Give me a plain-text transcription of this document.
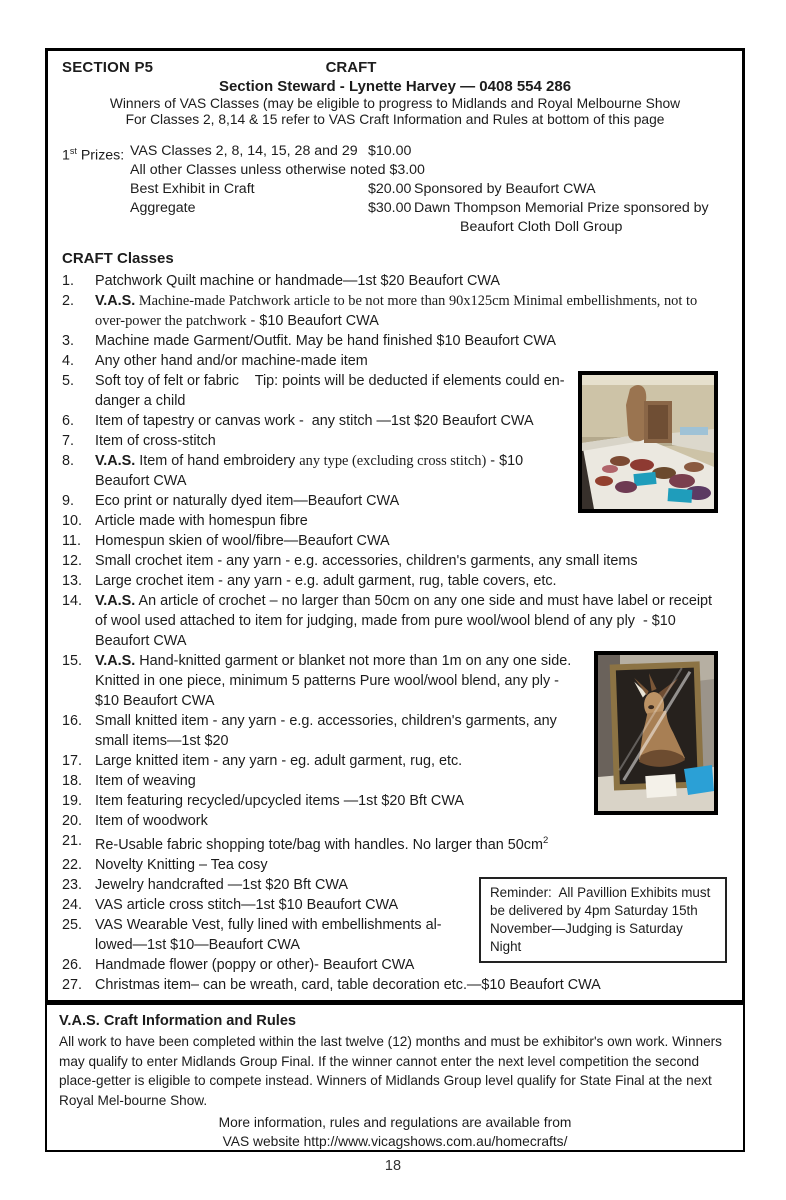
SECTION P5	CRAFT
Section Steward - Lynette Harvey — 0408 554 286
Winners of VAS Classes (may be eligible to progress to Midlands and Royal Melbourne Show
For Classes 2, 8,14 & 15 refer to VAS Craft Information and Rules at bottom of this page
1st Prizes: VAS Classes 2, 8, 14, 15, 28 and 29 $10.00
All other Classes unless otherwise noted $3.00
Best Exhibit in Craft	$20.00 Sponsored by Beaufort CWA
Aggregate	$30.00 Dawn Thompson Memorial Prize sponsored by
Beaufort Cloth Doll Group
CRAFT Classes
1. Patchwork Quilt machine or handmade—1st $20 Beaufort CWA
2. V.A.S. Machine-made Patchwork article to be not more than 90x125cm Minimal embellishments, not to over-power the patchwork - $10 Beaufort CWA
3. Machine made Garment/Outfit. May be hand finished $10 Beaufort CWA
4. Any other hand and/or machine-made item
5. Soft toy of felt or fabric    Tip: points will be deducted if elements could en-danger a child
6. Item of tapestry or canvas work -  any stitch —1st $20 Beaufort CWA
7. Item of cross-stitch
8. V.A.S. Item of hand embroidery any type (excluding cross stitch) - $10 Beaufort CWA
9. Eco print or naturally dyed item—Beaufort CWA
10. Article made with homespun fibre
11. Homespun skien of wool/fibre—Beaufort CWA
12. Small crochet item - any yarn - e.g. accessories, children's garments, any small items
13. Large crochet item - any yarn - e.g. adult garment, rug, table covers, etc.
14. V.A.S. An article of crochet – no larger than 50cm on any one side and must have label or receipt of wool used attached to item for judging, made from pure wool/wool blend of any ply  - $10 Beaufort CWA
15. V.A.S. Hand-knitted garment or blanket not more than 1m on any one side. Knitted in one piece, minimum 5 patterns Pure wool/wool blend, any ply - $10 Beaufort CWA
16. Small knitted item - any yarn - e.g. accessories, children's garments, any small items—1st $20
17. Large knitted item - any yarn - eg. adult garment, rug, etc.
18. Item of weaving
19. Item featuring recycled/upcycled items —1st $20 Bft CWA
20. Item of woodwork
21. Re-Usable fabric shopping tote/bag with handles. No larger than $50cm^2$
22. Novelty Knitting – Tea cosy
Reminder:  All Pavillion Exhibits must be delivered by 4pm Saturday 15th November—Judging is Saturday Night
23. Jewelry handcrafted —1st $20 Bft CWA
24. VAS article cross stitch—1st $10 Beaufort CWA
25. VAS Wearable Vest, fully lined with embellishments al-lowed—1st $10—Beaufort CWA
26. Handmade flower (poppy or other)- Beaufort CWA
27. Christmas item– can be wreath, card, table decoration etc.—$10 Beaufort CWA
V.A.S. Craft Information and Rules
All work to have been completed within the last twelve (12) months and must be exhibitor's own work. Winners may qualify to enter Midlands Group Final. If the winner cannot enter the next level competition the second place-getter is eligible to compete instead. Winners of Midlands Group level qualify for State Final at the next Royal Mel-bourne Show.
More information, rules and regulations are available from
VAS website http://www.vicagshows.com.au/homecrafts/
18
